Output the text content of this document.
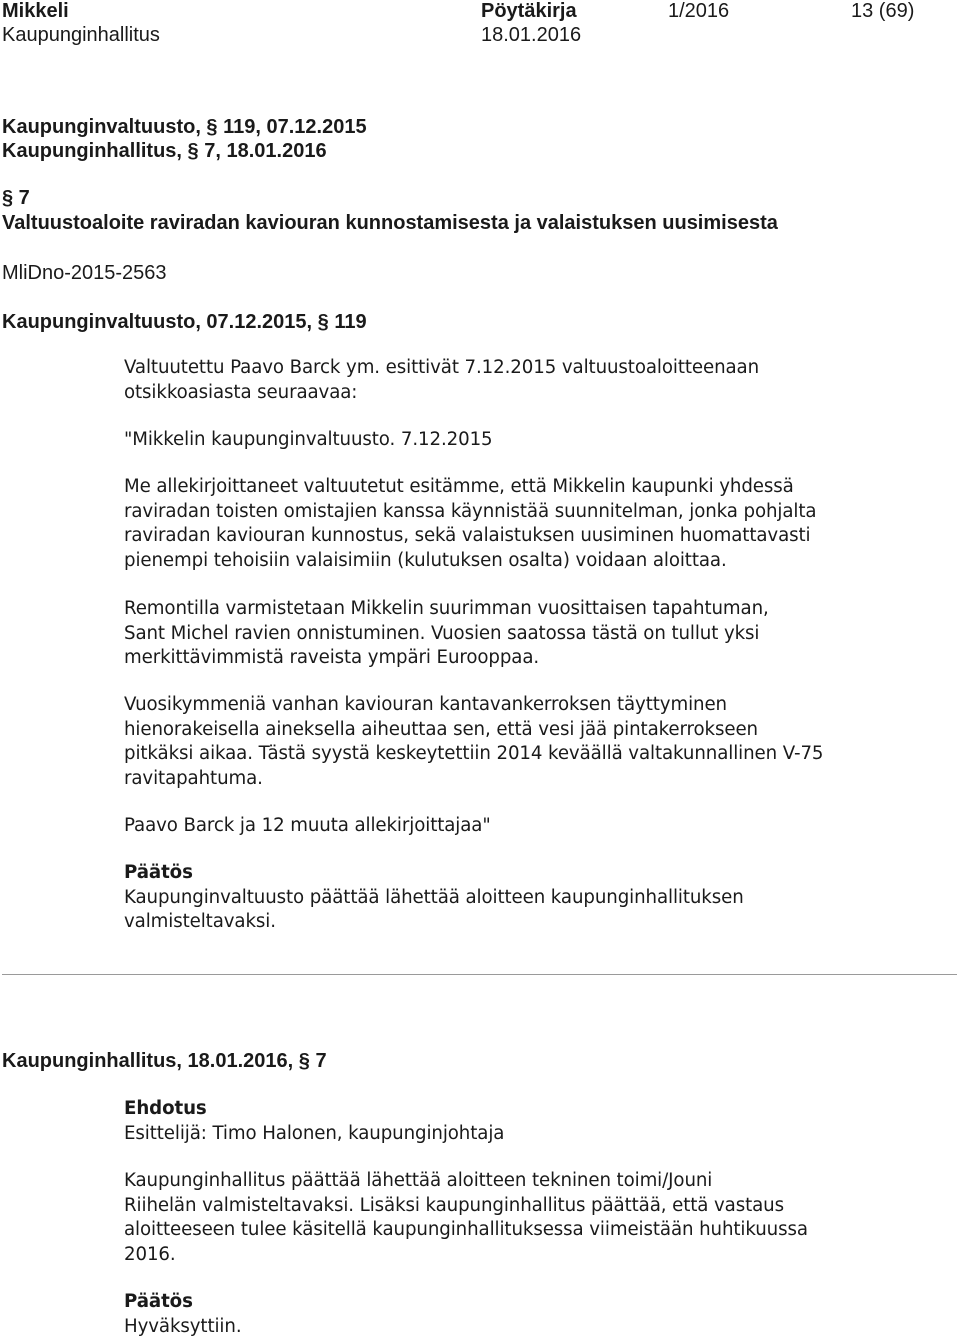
Mikkeli	Pöytäkirja	1/2016	13 (69)
Kaupunginhallitus	18.01.2016
Kaupunginvaltuusto, § 119, 07.12.2015
Kaupunginhallitus, § 7, 18.01.2016
§ 7
Valtuustoaloite raviradan kaviouran kunnostamisesta ja valaistuksen uusimisesta
MliDno-2015-2563
Kaupunginvaltuusto, 07.12.2015, § 119
Valtuutettu Paavo Barck ym. esittivät 7.12.2015 valtuustoaloitteenaan
otsikkoasiasta seuraavaa:
"Mikkelin kaupunginvaltuusto. 7.12.2015
Me allekirjoittaneet valtuutetut esitämme, että Mikkelin kaupunki yhdessä
raviradan toisten omistajien kanssa käynnistää suunnitelman, jonka pohjalta
raviradan kaviouran kunnostus, sekä valaistuksen uusiminen huomattavasti
pienempi tehoisiin valaisimiin (kulutuksen osalta) voidaan aloittaa.
Remontilla varmistetaan Mikkelin suurimman vuosittaisen tapahtuman,
Sant Michel ravien onnistuminen. Vuosien saatossa tästä on tullut yksi
merkittävimmistä raveista ympäri Eurooppaa.
Vuosikymmeniä vanhan kaviouran kantavankerroksen täyttyminen
hienorakeisella aineksella aiheuttaa sen, että vesi jää pintakerrokseen
pitkäksi aikaa. Tästä syystä keskeytettiin 2014 keväällä valtakunnallinen V-75
ravitapahtuma.
Paavo Barck ja 12 muuta allekirjoittajaa"
Päätös
Kaupunginvaltuusto päättää lähettää aloitteen kaupunginhallituksen
valmisteltavaksi.
Kaupunginhallitus, 18.01.2016, § 7
Ehdotus
Esittelijä: Timo Halonen, kaupunginjohtaja
Kaupunginhallitus päättää lähettää aloitteen tekninen toimi/Jouni
Riihelän valmisteltavaksi. Lisäksi kaupunginhallitus päättää, että vastaus
aloitteeseen tulee käsitellä kaupunginhallituksessa viimeistään huhtikuussa
2016.
Päätös
Hyväksyttiin.
